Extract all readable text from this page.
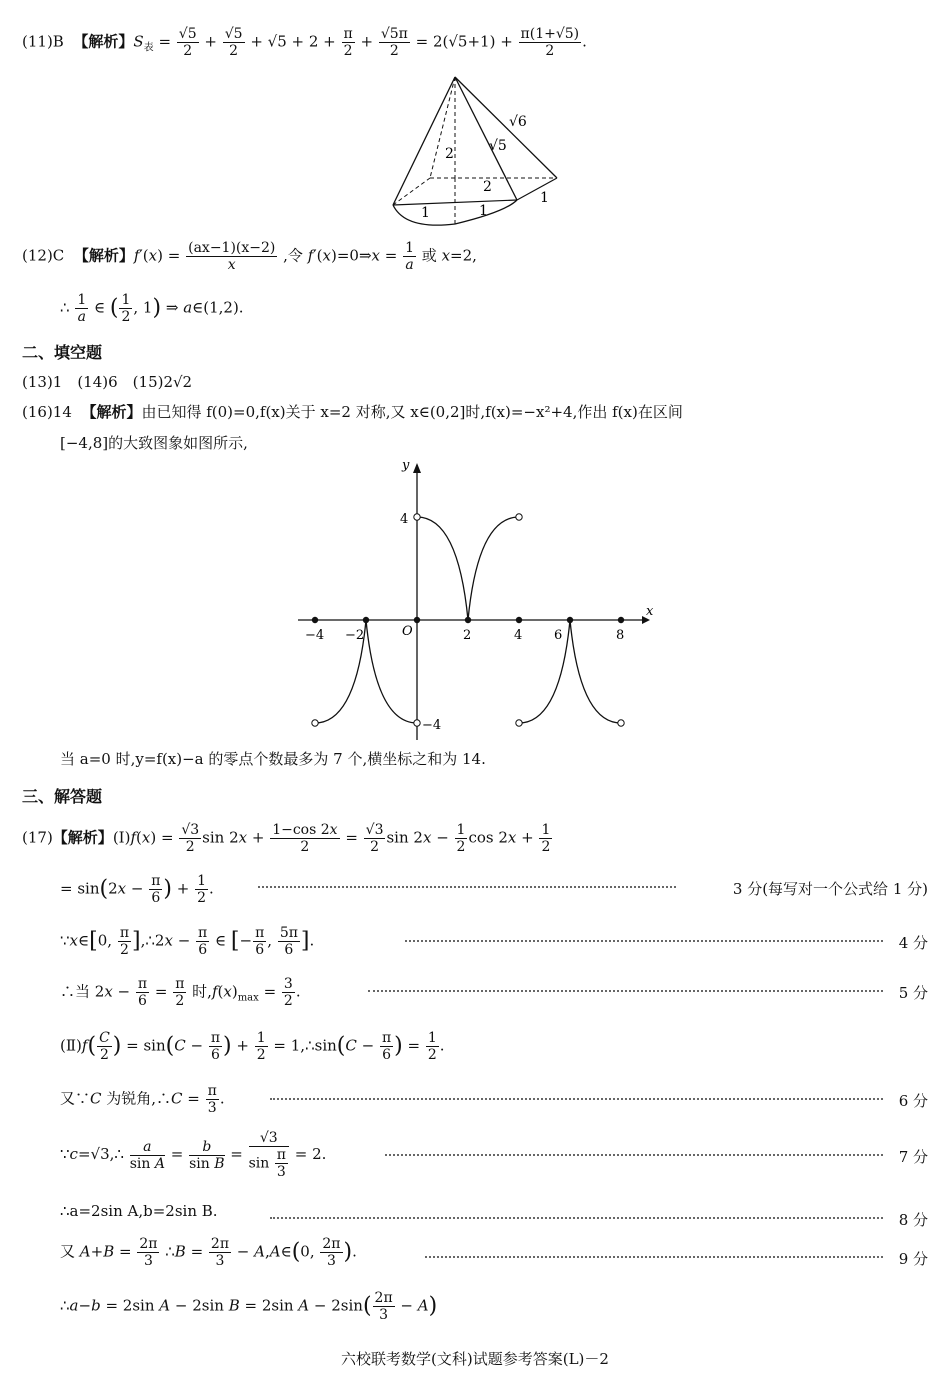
(11)B 【解析】$S_表 = \frac{√5}{2} + \frac{√5}{2} + √5 + 2 + \frac{\pi}{2} + \frac{√5\pi}{2} = 2(√5+1) + \frac{\pi(1+√5)}{2}$ .
√6
√5
2
2
1	1
1
(12)C 【解析】$f'(x) = \frac{(ax-1)(x-2)}{x}$ ,令 f′(x)=0⇒x = $\frac{1}{a}$ 或 x=2,
∴ $\frac{1}{a}$ ∈ ( $\frac{1}{2}$ , 1) ⇒ a∈(1,2).
二、填空题
(13)1　(14)6　(15)2√2
(16)14 【解析】由已知得 f(0)=0,f(x)关于 x=2 对称,又 x∈(0,2]时,f(x)=−x²+4,作出 f(x)在区间
[−4,8]的大致图象如图所示,
x
y
O
−4 −2	2	4 6	8
4
−4
当 a=0 时,y=f(x)−a 的零点个数最多为 7 个,横坐标之和为 14.
三、解答题
(17)【解析】(Ⅰ)f(x) = $\frac{√3}{2}$ $\sin 2x + \frac{1-\cos 2x}{2} = \frac{√3}{2}$ $\sin 2x - \frac{1}{2}$ $\cos 2x + \frac{1}{2}$
= $\sin(2x - \frac{\pi}{6}$ ) + $\frac{1}{2}$ .	3 分(每写对一个公式给 1 分)
∵x∈[0, $\frac{\pi}{2}$ ],∴2x − $\frac{\pi}{6}$ ∈ [− $\frac{\pi}{6}$ , $\frac{5\pi}{6}$ ].	4 分
∴当 $2x - \frac{\pi}{6} = \frac{\pi}{2}$ 时$,f(x)_{max} = \frac{3}{2}$ .	5 分
(Ⅱ)f( $\frac{C}{2}$ ) = $\sin(C - \frac{\pi}{6}$ ) + $\frac{1}{2}$ = 1,∴sin(C − $\frac{\pi}{6}$ ) = $\frac{1}{2}$ .
又∵C 为锐角,∴C = $\frac{\pi}{3}$ .	6 分
∵c=√3,∴ $\frac{a}{\text{sin A}} = \frac{b}{\text{sin B}} = \frac{√3}{\sin \frac{\pi}{3}} = 2$.	7 分
∴a=2sin A,b=2sin B.	8 分
又 $A+B = \frac{2\pi}{3}$ ∴B = $\frac{2\pi}{3}$ − A,A∈(0, $\frac{2\pi}{3}$ ).	9 分
∴a−b = 2sin A − 2sin B = 2sin $A - 2\sin( \frac{2\pi}{3} - A)$
六校联考数学(文科)试题参考答案(L)－2
